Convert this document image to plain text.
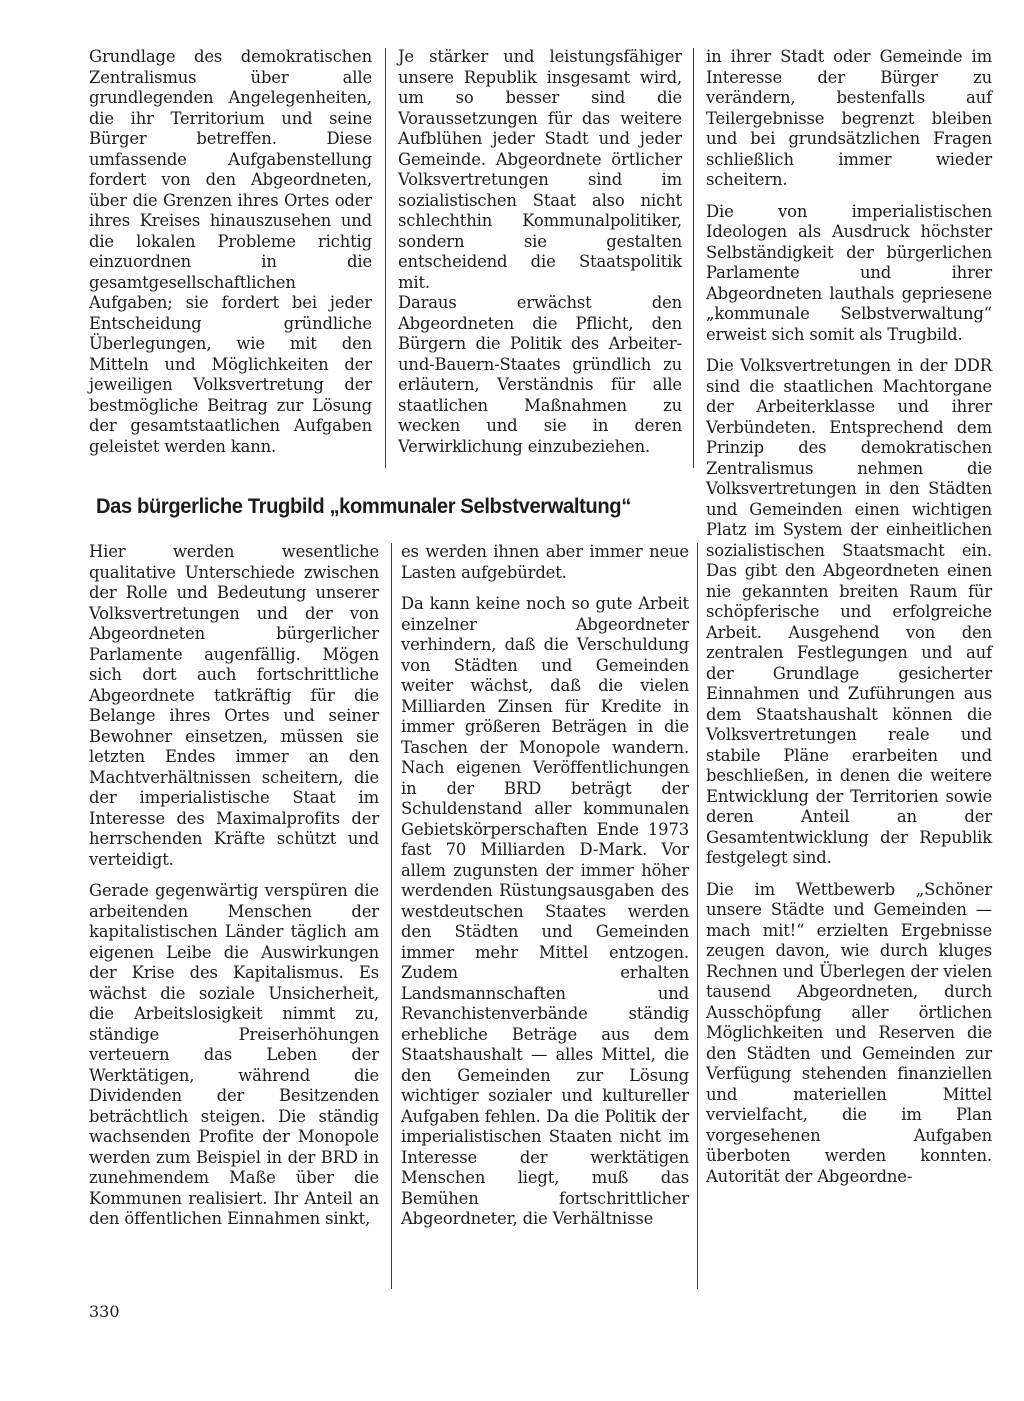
Grundlage des demokratischen Zentralismus über alle grundlegenden Angelegenheiten, die ihr Territorium und seine Bürger betreffen. Diese umfassende Aufgabenstellung fordert von den Abgeordneten, über die Grenzen ihres Ortes oder ihres Kreises hinauszusehen und die lokalen Probleme richtig einzuordnen in die gesamtgesellschaftlichen Aufgaben; sie fordert bei jeder Entscheidung gründliche Überlegungen, wie mit den Mitteln und Möglichkeiten der jeweiligen Volksvertretung der bestmögliche Beitrag zur Lösung der gesamtstaatlichen Aufgaben geleistet werden kann.

Je stärker und leistungsfähiger unsere Republik insgesamt wird, um so besser sind die Voraussetzungen für das weitere Aufblühen jeder Stadt und jeder Gemeinde. Abgeordnete örtlicher Volksvertretungen sind im sozialistischen Staat also nicht schlechthin Kommunalpolitiker, sondern sie gestalten entscheidend die Staatspolitik mit.

Daraus erwächst den Abgeordneten die Pflicht, den Bürgern die Politik des Arbeiter-und-Bauern-Staates gründlich zu erläutern, Verständnis für alle staatlichen Maßnahmen zu wecken und sie in deren Verwirklichung einzubeziehen.

in ihrer Stadt oder Gemeinde im Interesse der Bürger zu verändern, bestenfalls auf Teilergebnisse begrenzt bleiben und bei grundsätzlichen Fragen schließlich immer wieder scheitern.

Die von imperialistischen Ideologen als Ausdruck höchster Selbständigkeit der bürgerlichen Parlamente und ihrer Abgeordneten lauthals gepriesene „kommunale Selbstverwaltung“ erweist sich somit als Trugbild.

Die Volksvertretungen in der DDR sind die staatlichen Machtorgane der Arbeiterklasse und ihrer Verbündeten. Entsprechend dem Prinzip des demokratischen Zentralismus nehmen die Volksvertretungen in den Städten und Gemeinden einen wichtigen Platz im System der einheitlichen sozialistischen Staatsmacht ein. Das gibt den Abgeordneten einen nie gekannten breiten Raum für schöpferische und erfolgreiche Arbeit. Ausgehend von den zentralen Festlegungen und auf der Grundlage gesicherter Einnahmen und Zuführungen aus dem Staatshaushalt können die Volksvertretungen reale und stabile Pläne erarbeiten und beschließen, in denen die weitere Entwicklung der Territorien sowie deren Anteil an der Gesamtentwicklung der Republik festgelegt sind.

Die im Wettbewerb „Schöner unsere Städte und Gemeinden — mach mit!“ erzielten Ergebnisse zeugen davon, wie durch kluges Rechnen und Überlegen der vielen tausend Abgeordneten, durch Ausschöpfung aller örtlichen Möglichkeiten und Reserven die den Städten und Gemeinden zur Verfügung stehenden finanziellen und materiellen Mittel vervielfacht, die im Plan vorgesehenen Aufgaben überboten werden konnten. Autorität der Abgeordne-

Das bürgerliche Trugbild „kommunaler Selbstverwaltung“

Hier werden wesentliche qualitative Unterschiede zwischen der Rolle und Bedeutung unserer Volksvertretungen und der von Abgeordneten bürgerlicher Parlamente augenfällig. Mögen sich dort auch fortschrittliche Abgeordnete tatkräftig für die Belange ihres Ortes und seiner Bewohner einsetzen, müssen sie letzten Endes immer an den Machtverhältnissen scheitern, die der imperialistische Staat im Interesse des Maximalprofits der herrschenden Kräfte schützt und verteidigt.

Gerade gegenwärtig verspüren die arbeitenden Menschen der kapitalistischen Länder täglich am eigenen Leibe die Auswirkungen der Krise des Kapitalismus. Es wächst die soziale Unsicherheit, die Arbeitslosigkeit nimmt zu, ständige Preiserhöhungen verteuern das Leben der Werktätigen, während die Dividenden der Besitzenden beträchtlich steigen. Die ständig wachsenden Profite der Monopole werden zum Beispiel in der BRD in zunehmendem Maße über die Kommunen realisiert. Ihr Anteil an den öffentlichen Einnahmen sinkt,

es werden ihnen aber immer neue Lasten aufgebürdet.

Da kann keine noch so gute Arbeit einzelner Abgeordneter verhindern, daß die Verschuldung von Städten und Gemeinden weiter wächst, daß die vielen Milliarden Zinsen für Kredite in immer größeren Beträgen in die Taschen der Monopole wandern. Nach eigenen Veröffentlichungen in der BRD beträgt der Schuldenstand aller kommunalen Gebietskörperschaften Ende 1973 fast 70 Milliarden D-Mark. Vor allem zugunsten der immer höher werdenden Rüstungsausgaben des westdeutschen Staates werden den Städten und Gemeinden immer mehr Mittel entzogen. Zudem erhalten Landsmannschaften und Revanchistenverbände ständig erhebliche Beträge aus dem Staatshaushalt — alles Mittel, die den Gemeinden zur Lösung wichtiger sozialer und kultureller Aufgaben fehlen. Da die Politik der imperialistischen Staaten nicht im Interesse der werktätigen Menschen liegt, muß das Bemühen fortschrittlicher Abgeordneter, die Verhältnisse

330
